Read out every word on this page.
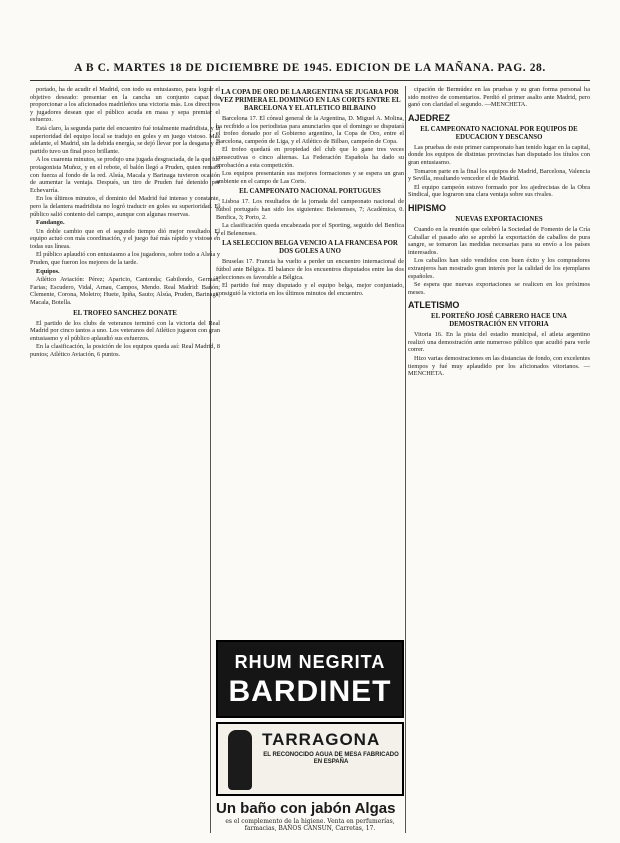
A B C. MARTES 18 DE DICIEMBRE DE 1945. EDICION DE LA MAÑANA. PAG. 28.

portado, ha de acudir el Madrid, con todo su entusiasmo, para lograr el objetivo deseado: presentar en la cancha un conjunto capaz de proporcionar a los aficionados madrileños una victoria más. Los directivos y jugadores desean que el público acuda en masa y sepa premiar el esfuerzo.

Está claro, la segunda parte del encuentro fué totalmente madridista, y la superioridad del equipo local se tradujo en goles y en juego vistoso. Más adelante, el Madrid, sin la debida energía, se dejó llevar por la desgana y el partido tuvo un final poco brillante.

A los cuarenta minutos, se produjo una jugada desgraciada, de la que fué protagonista Muñoz, y en el rebote, el balón llegó a Pruden, quien remató con fuerza al fondo de la red. Alsúa, Macala y Barinaga tuvieron ocasión de aumentar la ventaja. Después, un tiro de Pruden fué detenido por Echevarría.

En los últimos minutos, el dominio del Madrid fué intenso y constante, pero la delantera madridista no logró traducir en goles su superioridad. El público salió contento del campo, aunque con algunas reservas.

Fandango.

Un doble cambio que en el segundo tiempo dió mejor resultado. El equipo actuó con más coordinación, y el juego fué más rápido y vistoso en todas sus líneas.

El público aplaudió con entusiasmo a los jugadores, sobre todo a Alsúa y Pruden, que fueron los mejores de la tarde.

Equipos.

Atlético Aviación: Pérez; Aparicio, Cantonda; Gabilondo, Germán, Farias; Escudero, Vidal, Arnau, Campos, Mendo. Real Madrid: Bañón; Clemente, Corona, Moleiro; Huete, Ipiña, Sauto; Alsúa, Pruden, Barinaga, Macala, Botella.

EL TROFEO SANCHEZ DONATE

El partido de los clubs de veteranos terminó con la victoria del Real Madrid por cinco tantos a uno. Los veteranos del Atlético jugaron con gran entusiasmo y el público aplaudió sus esfuerzos.

En la clasificación, la posición de los equipos queda así: Real Madrid, 8 puntos; Atlético Aviación, 6 puntos.

LA COPA DE ORO DE LA ARGENTINA SE JUGARA POR VEZ PRIMERA EL DOMINGO EN LAS CORTS ENTRE EL BARCELONA Y EL ATLETICO BILBAINO

Barcelona 17. El cónsul general de la Argentina, D. Miguel A. Molina, ha recibido a los periodistas para anunciarles que el domingo se disputará el trofeo donado por el Gobierno argentino, la Copa de Oro, entre el Barcelona, campeón de Liga, y el Atlético de Bilbao, campeón de Copa.

El trofeo quedará en propiedad del club que lo gane tres veces consecutivas o cinco alternas. La Federación Española ha dado su aprobación a esta competición.

Los equipos presentarán sus mejores formaciones y se espera un gran ambiente en el campo de Las Corts.

EL CAMPEONATO NACIONAL PORTUGUES

Lisboa 17. Los resultados de la jornada del campeonato nacional de fútbol portugués han sido los siguientes: Belenenses, 7; Académica, 0. Benfica, 3; Porto, 2.

La clasificación queda encabezada por el Sporting, seguido del Benfica y el Belenenses.

LA SELECCION BELGA VENCIO A LA FRANCESA POR DOS GOLES A UNO

Bruselas 17. Francia ha vuelto a perder un encuentro internacional de fútbol ante Bélgica. El balance de los encuentros disputados entre las dos selecciones es favorable a Bélgica.

El partido fué muy disputado y el equipo belga, mejor conjuntado, consiguió la victoria en los últimos minutos del encuentro.

RHUM NEGRITA
BARDINET
TARRAGONA
EL RECONOCIDO AGUA DE MESA FABRICADO EN ESPAÑA
Un baño con jabón Algas
es el complemento de la higiene. Venta en perfumerías, farmacias, BAÑOS CANSUN, Carretas, 17.

cipación de Bermúdez en las pruebas y su gran forma personal ha sido motivo de comentarios. Perdió el primer asalto ante Madrid, pero ganó con claridad el segundo. —MENCHETA.

AJEDREZ
EL CAMPEONATO NACIONAL POR EQUIPOS DE EDUCACION Y DESCANSO

Las pruebas de este primer campeonato han tenido lugar en la capital, donde los equipos de distintas provincias han disputado los títulos con gran entusiasmo.

Tomaron parte en la final los equipos de Madrid, Barcelona, Valencia y Sevilla, resultando vencedor el de Madrid.

El equipo campeón estuvo formado por los ajedrecistas de la Obra Sindical, que lograron una clara ventaja sobre sus rivales.

HIPISMO
NUEVAS EXPORTACIONES

Cuando en la reunión que celebró la Sociedad de Fomento de la Cría Caballar el pasado año se aprobó la exportación de caballos de pura sangre, se tomaron las medidas necesarias para su envío a los países interesados.

Los caballos han sido vendidos con buen éxito y los compradores extranjeros han mostrado gran interés por la calidad de los ejemplares españoles.

Se espera que nuevas exportaciones se realicen en los próximos meses.

ATLETISMO
EL PORTEÑO JOSÉ CABRERO HACE UNA DEMOSTRACIÓN EN VITORIA

Vitoria 16. En la pista del estadio municipal, el atleta argentino realizó una demostración ante numeroso público que acudió para verle correr.

Hizo varias demostraciones en las distancias de fondo, con excelentes tiempos y fué muy aplaudido por los aficionados vitorianos. —MENCHETA.
